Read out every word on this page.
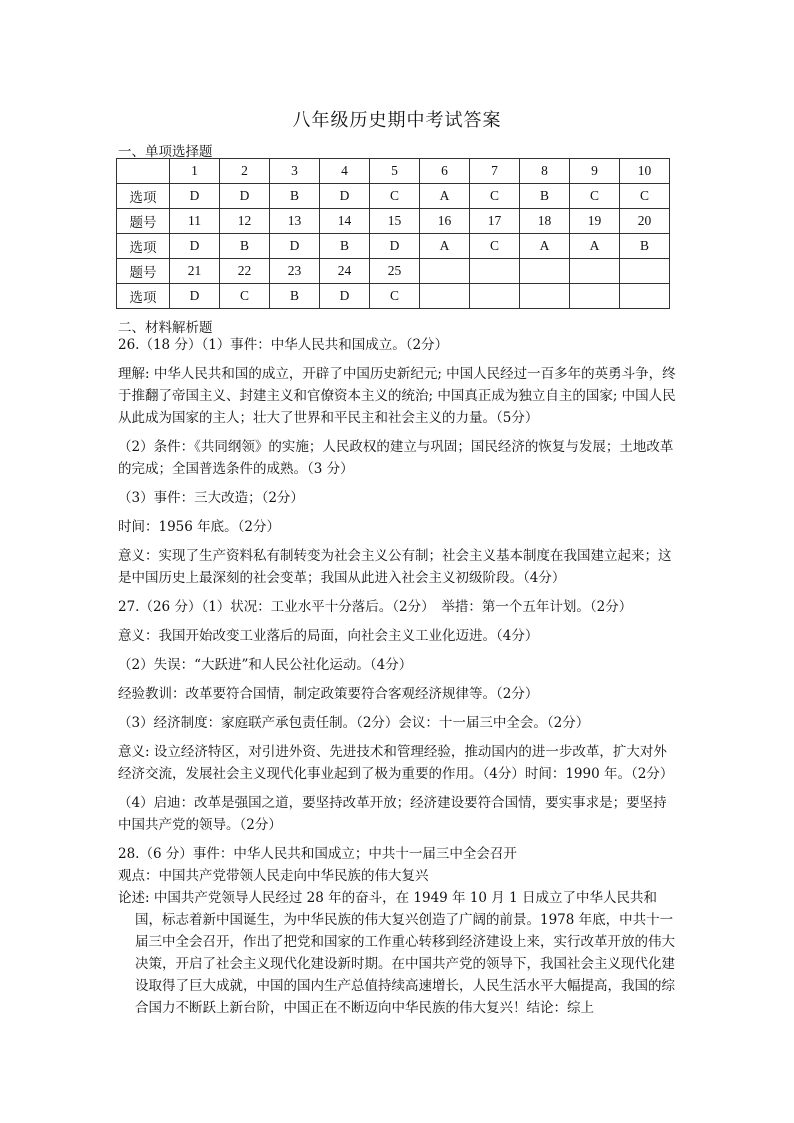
八年级历史期中考试答案
一、单项选择题
	1	2	3	4	5	6	7	8	9	10
选项	D	D	B	D	C	A	C	B	C	C
题号	11	12	13	14	15	16	17	18	19	20
选项	D	B	D	B	D	A	C	A	A	B
题号	21	22	23	24	25					
选项	D	C	B	D	C					
二、材料解析题

26.（18 分）（1）事件：中华人民共和国成立。（2分）

理解: 中华人民共和国的成立，开辟了中国历史新纪元; 中国人民经过一百多年的英勇斗争，终于推翻了帝国主义、封建主义和官僚资本主义的统治; 中国真正成为独立自主的国家; 中国人民从此成为国家的主人；壮大了世界和平民主和社会主义的力量。（5分）

（2）条件：《共同纲领》的实施；人民政权的建立与巩固；国民经济的恢复与发展；土地改革的完成；全国普选条件的成熟。（3 分）

（3）事件：三大改造；（2分）

时间：1956 年底。（2分）

意义：实现了生产资料私有制转变为社会主义公有制；社会主义基本制度在我国建立起来；这是中国历史上最深刻的社会变革；我国从此进入社会主义初级阶段。（4分）

27.（26 分）（1）状况：工业水平十分落后。（2分）　举措：第一个五年计划。（2分）

意义：我国开始改变工业落后的局面，向社会主义工业化迈进。（4分）

（2）失误：“大跃进”和人民公社化运动。（4分）

经验教训：改革要符合国情，制定政策要符合客观经济规律等。（2分）

（3）经济制度：家庭联产承包责任制。（2分）会议：十一届三中全会。（2分）

意义: 设立经济特区，对引进外资、先进技术和管理经验，推动国内的进一步改革，扩大对外经济交流，发展社会主义现代化事业起到了极为重要的作用。（4分）时间：1990 年。（2分）

（4）启迪：改革是强国之道，要坚持改革开放；经济建设要符合国情，要实事求是；要坚持中国共产党的领导。（2分）

28.（6 分）事件：中华人民共和国成立；中共十一届三中全会召开

观点：中国共产党带领人民走向中华民族的伟大复兴

论述: 中国共产党领导人民经过 28 年的奋斗，在 1949 年 10 月 1 日成立了中华人民共和国，标志着新中国诞生，为中华民族的伟大复兴创造了广阔的前景。1978 年底，中共十一届三中全会召开，作出了把党和国家的工作重心转移到经济建设上来，实行改革开放的伟大决策，开启了社会主义现代化建设新时期。在中国共产党的领导下，我国社会主义现代化建设取得了巨大成就，中国的国内生产总值持续高速增长，人民生活水平大幅提高，我国的综合国力不断跃上新台阶，中国正在不断迈向中华民族的伟大复兴！结论：综上
